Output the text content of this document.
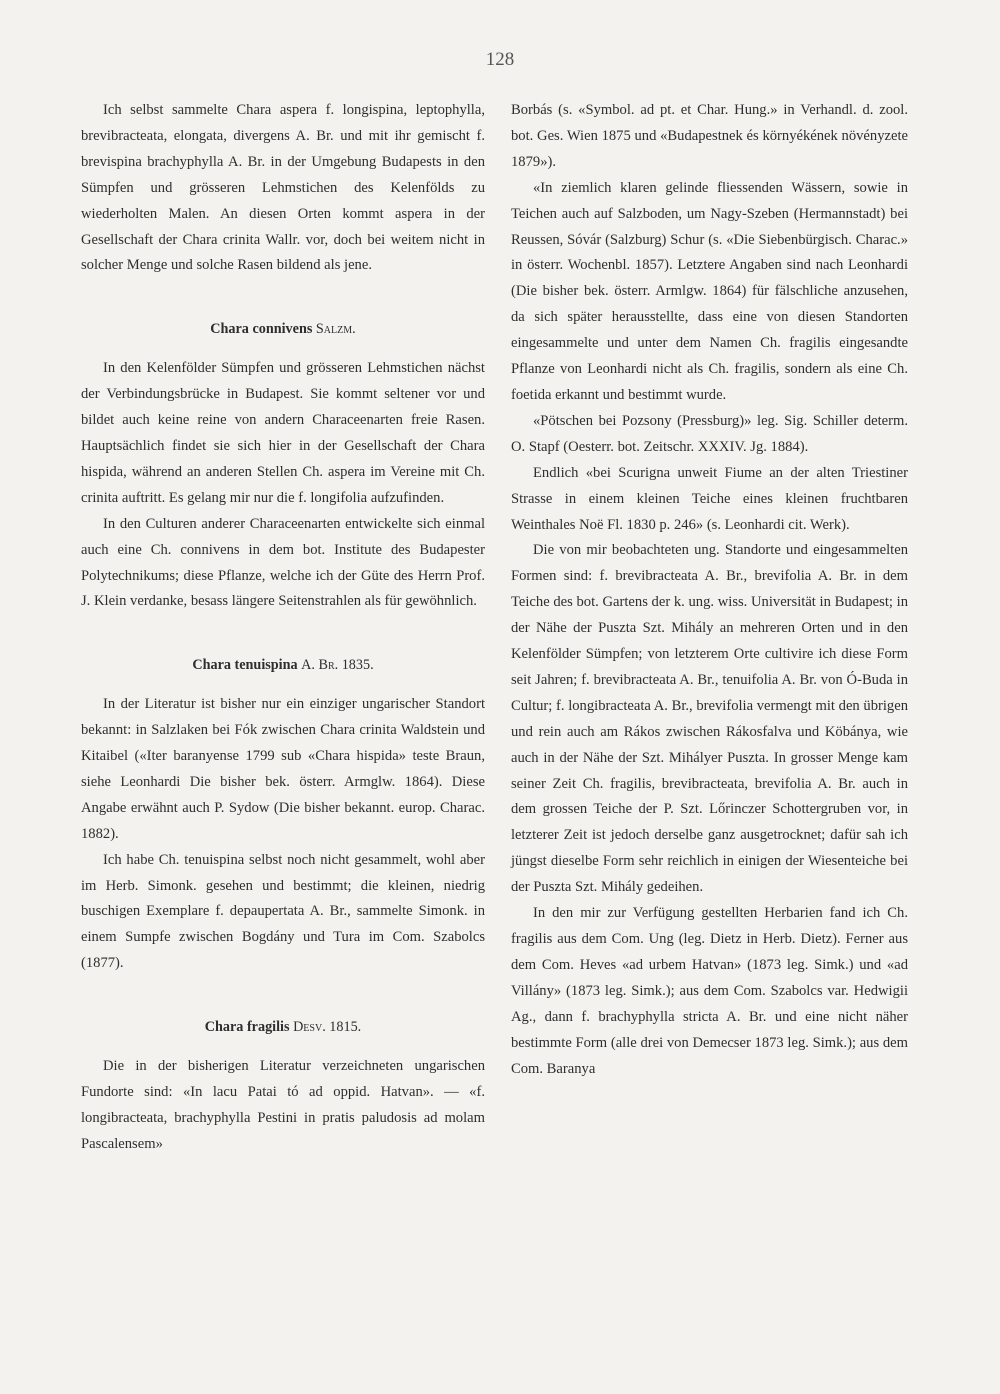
128

Ich selbst sammelte Chara aspera f. longispina, leptophylla, brevibracteata, elongata, divergens A. Br. und mit ihr gemischt f. brevispina brachyphylla A. Br. in der Umgebung Budapests in den Sümpfen und grösseren Lehmstichen des Kelenfölds zu wiederholten Malen. An diesen Orten kommt aspera in der Gesellschaft der Chara crinita Wallr. vor, doch bei weitem nicht in solcher Menge und solche Rasen bildend als jene.

Chara connivens Salzm.

In den Kelenfölder Sümpfen und grösseren Lehmstichen nächst der Verbindungsbrücke in Budapest. Sie kommt seltener vor und bildet auch keine reine von andern Characeenarten freie Rasen. Hauptsächlich findet sie sich hier in der Gesellschaft der Chara hispida, während an anderen Stellen Ch. aspera im Vereine mit Ch. crinita auftritt. Es gelang mir nur die f. longifolia aufzufinden.

In den Culturen anderer Characeenarten entwickelte sich einmal auch eine Ch. connivens in dem bot. Institute des Budapester Polytechnikums; diese Pflanze, welche ich der Güte des Herrn Prof. J. Klein verdanke, besass längere Seitenstrahlen als für gewöhnlich.

Chara tenuispina A. Br. 1835.

In der Literatur ist bisher nur ein einziger ungarischer Standort bekannt: in Salzlaken bei Fók zwischen Chara crinita Waldstein und Kitaibel («Iter baranyense 1799 sub «Chara hispida» teste Braun, siehe Leonhardi Die bisher bek. österr. Armglw. 1864). Diese Angabe erwähnt auch P. Sydow (Die bisher bekannt. europ. Charac. 1882).

Ich habe Ch. tenuispina selbst noch nicht gesammelt, wohl aber im Herb. Simonk. gesehen und bestimmt; die kleinen, niedrig buschigen Exemplare f. depaupertata A. Br., sammelte Simonk. in einem Sumpfe zwischen Bogdány und Tura im Com. Szabolcs (1877).

Chara fragilis Desv. 1815.

Die in der bisherigen Literatur verzeichneten ungarischen Fundorte sind: «In lacu Patai tó ad oppid. Hatvan». — «f. longibracteata, brachyphylla Pestini in pratis paludosis ad molam Pascalensem»

Borbás (s. «Symbol. ad pt. et Char. Hung.» in Verhandl. d. zool. bot. Ges. Wien 1875 und «Budapestnek és környékének növényzete 1879»).

«In ziemlich klaren gelinde fliessenden Wässern, sowie in Teichen auch auf Salzboden, um Nagy-Szeben (Hermannstadt) bei Reussen, Sóvár (Salzburg) Schur (s. «Die Siebenbürgisch. Charac.» in österr. Wochenbl. 1857). Letztere Angaben sind nach Leonhardi (Die bisher bek. österr. Armlgw. 1864) für fälschliche anzusehen, da sich später herausstellte, dass eine von diesen Standorten eingesammelte und unter dem Namen Ch. fragilis eingesandte Pflanze von Leonhardi nicht als Ch. fragilis, sondern als eine Ch. foetida erkannt und bestimmt wurde.

«Pötschen bei Pozsony (Pressburg)» leg. Sig. Schiller determ. O. Stapf (Oesterr. bot. Zeitschr. XXXIV. Jg. 1884).

Endlich «bei Scurigna unweit Fiume an der alten Triestiner Strasse in einem kleinen Teiche eines kleinen fruchtbaren Weinthales Noë Fl. 1830 p. 246» (s. Leonhardi cit. Werk).

Die von mir beobachteten ung. Standorte und eingesammelten Formen sind: f. brevibracteata A. Br., brevifolia A. Br. in dem Teiche des bot. Gartens der k. ung. wiss. Universität in Budapest; in der Nähe der Puszta Szt. Mihály an mehreren Orten und in den Kelenfölder Sümpfen; von letzterem Orte cultivire ich diese Form seit Jahren; f. brevibracteata A. Br., tenuifolia A. Br. von Ó-Buda in Cultur; f. longibracteata A. Br., brevifolia vermengt mit den übrigen und rein auch am Rákos zwischen Rákosfalva und Köbánya, wie auch in der Nähe der Szt. Mihályer Puszta. In grosser Menge kam seiner Zeit Ch. fragilis, brevibracteata, brevifolia A. Br. auch in dem grossen Teiche der P. Szt. Lőrinczer Schottergruben vor, in letzterer Zeit ist jedoch derselbe ganz ausgetrocknet; dafür sah ich jüngst dieselbe Form sehr reichlich in einigen der Wiesenteiche bei der Puszta Szt. Mihály gedeihen.

In den mir zur Verfügung gestellten Herbarien fand ich Ch. fragilis aus dem Com. Ung (leg. Dietz in Herb. Dietz). Ferner aus dem Com. Heves «ad urbem Hatvan» (1873 leg. Simk.) und «ad Villány» (1873 leg. Simk.); aus dem Com. Szabolcs var. Hedwigii Ag., dann f. brachyphylla stricta A. Br. und eine nicht näher bestimmte Form (alle drei von Demecser 1873 leg. Simk.); aus dem Com. Baranya
